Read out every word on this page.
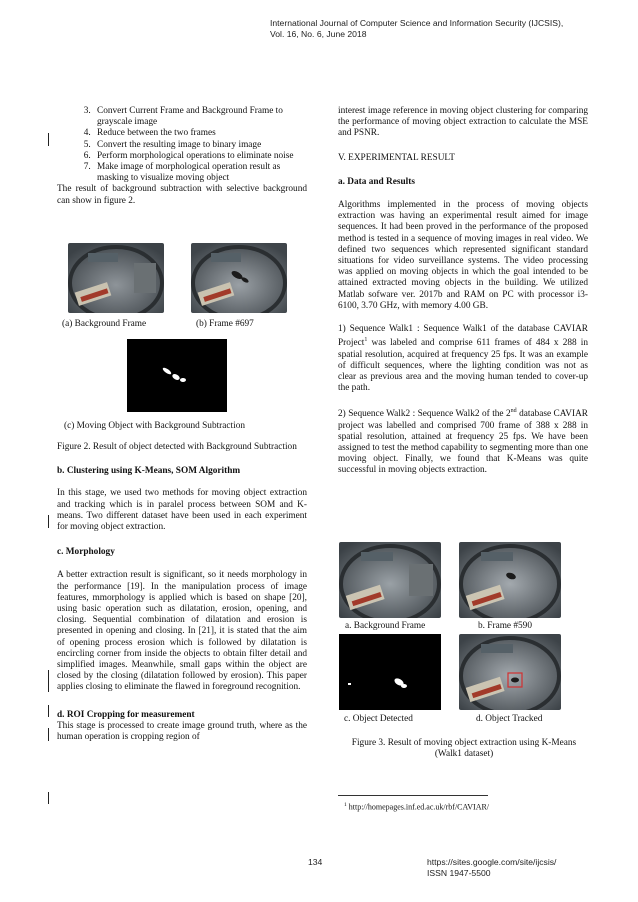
International Journal of Computer Science and Information Security (IJCSIS),
Vol. 16, No. 6, June 2018
3. Convert Current Frame and Background Frame to grayscale image
4. Reduce between the two frames
5. Convert the resulting image to binary image
6. Perform morphological operations to eliminate noise
7. Make image of morphological operation result as masking to visualize moving object

The result of background subtraction with selective background can show in figure 2.

(a) Background Frame	(b) Frame #697
(c) Moving Object with Background Subtraction

Figure 2. Result of object detected with Background Subtraction

b. Clustering using K-Means, SOM Algorithm

In this stage, we used two methods for moving object extraction and tracking which is in paralel process between SOM and K-means. Two different dataset have been used in each experiment for moving object extraction.

c. Morphology

A better extraction result is significant, so it needs morphology in the performance [19]. In the manipulation process of image features, mmorphology is applied which is based on shape [20], using basic operation such as dilatation, erosion, opening, and closing. Sequential combination of dilatation and erosion is presented in opening and closing. In [21], it is stated that the aim of opening process erosion which is followed by dilatation is encircling corner from inside the objects to obtain filter detail and simplified images. Meanwhile, small gaps within the object are closed by the closing (dilatation followed by erosion). This paper applies closing to eliminate the flawed in foreground recognition.

d. ROI Cropping for measurement

This stage is processed to create image ground truth, where as the human operation is cropping region of

interest image reference in moving object clustering for comparing the performance of moving object extraction to calculate the MSE and PSNR.

V. EXPERIMENTAL RESULT

a. Data and Results

Algorithms implemented in the process of moving objects extraction was having an experimental result aimed for image sequences. It had been proved in the performance of the proposed method is tested in a sequence of moving images in real video. We defined two sequences which represented significant standard situations for video surveillance systems. The video processing was applied on moving objects in which the goal intended to be attained extracted moving objects in the building. We utilized Matlab sofware ver. 2017b and RAM on PC with processor i3-6100, 3.70 GHz, with memory 4.00 GB.

1) Sequence Walk1 : Sequence Walk1 of the database CAVIAR Project$^1$ was labeled and comprise 611 frames of 484 x 288 in spatial resolution, acquired at frequency 25 fps. It was an example of difficult sequences, where the lighting condition was not as clear as previous area and the moving human tended to cover-up the path.

2) Sequence Walk2 : Sequence Walk2 of the 2nd database CAVIAR project was labelled and comprised 700 frame of 388 x 288 in spatial resolution, attained at frequency 25 fps. We have been assigned to test the method capability to segmenting more than one moving object. Finally, we found that K-Means was quite successful in moving objects extraction.

a. Background Frame	b. Frame #590
c. Object Detected	d. Object Tracked
Figure 3. Result of moving object extraction using K-Means (Walk1 dataset)
$^1$ http://homepages.inf.ed.ac.uk/rbf/CAVIAR/
134	https://sites.google.com/site/ijcsis/
ISSN 1947-5500
